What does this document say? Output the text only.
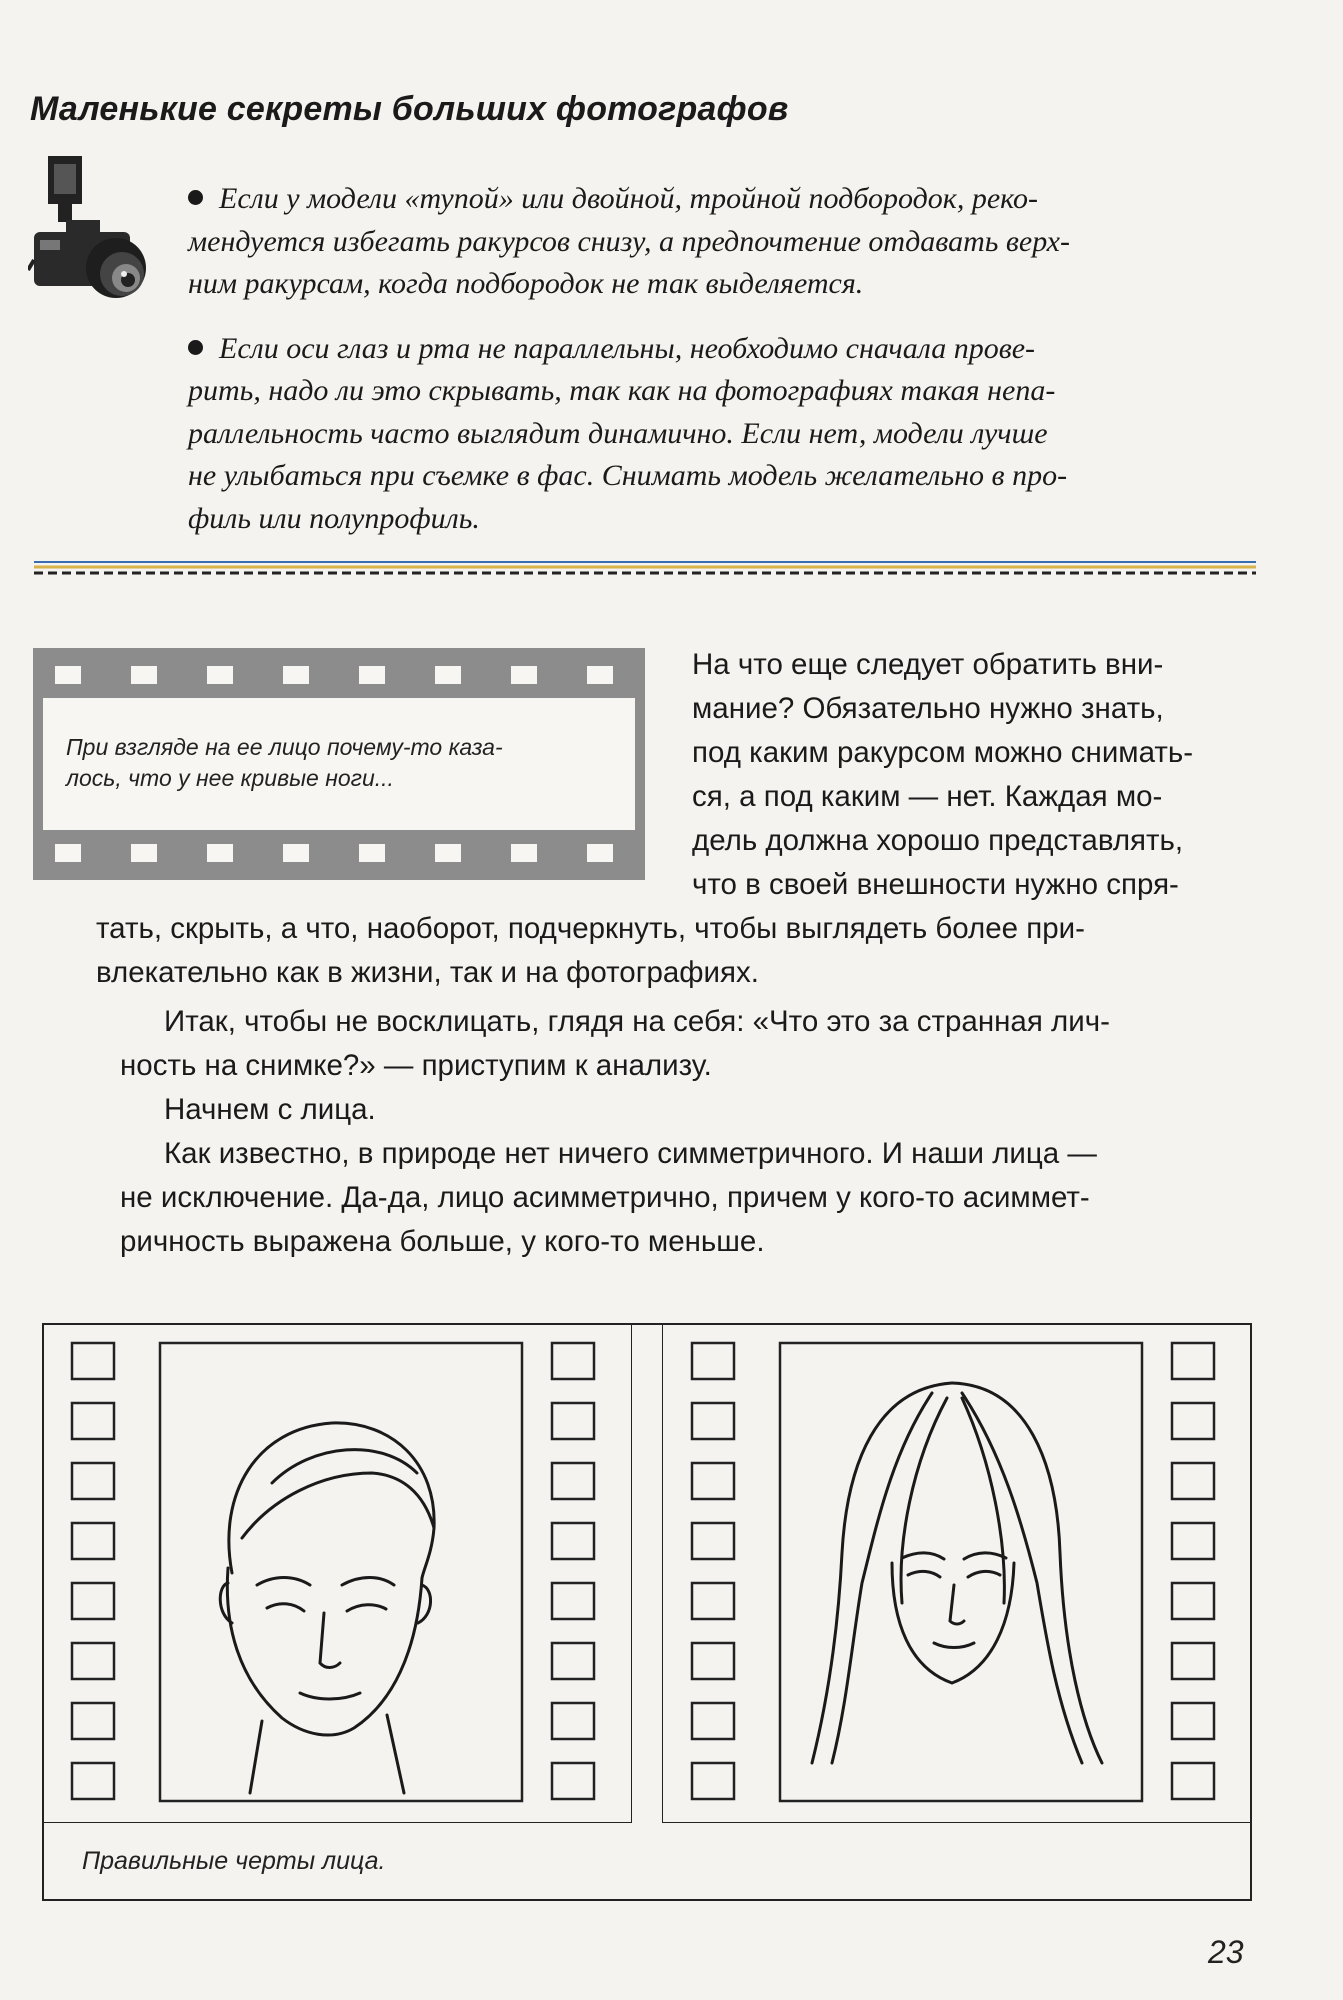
Маленькие секреты больших фотографов
Если у модели «тупой» или двойной, тройной подбородок, реко-
мендуется избегать ракурсов снизу, а предпочтение отдавать верх-
ним ракурсам, когда подбородок не так выделяется.
Если оси глаз и рта не параллельны, необходимо сначала прове-
рить, надо ли это скрывать, так как на фотографиях такая непа-
раллельность часто выглядит динамично. Если нет, модели лучше
не улыбаться при съемке в фас. Снимать модель желательно в про-
филь или полупрофиль.
При взгляде на ее лицо почему-то каза-
лось, что у нее кривые ноги...
На что еще следует обратить вни-
мание? Обязательно нужно знать,
под каким ракурсом можно снимать-
ся, а под каким — нет. Каждая мо-
дель должна хорошо представлять,
что в своей внешности нужно спря-

тать, скрыть, а что, наоборот, подчеркнуть, чтобы выглядеть более при-

влекательно как в жизни, так и на фотографиях.

Итак, чтобы не восклицать, глядя на себя: «Что это за странная лич-

ность на снимке?» — приступим к анализу.

Начнем с лица.

Как известно, в природе нет ничего симметричного. И наши лица —

не исключение. Да-да, лицо асимметрично, причем у кого-то асиммет-

ричность выражена больше, у кого-то меньше.

Правильные черты лица.
23
